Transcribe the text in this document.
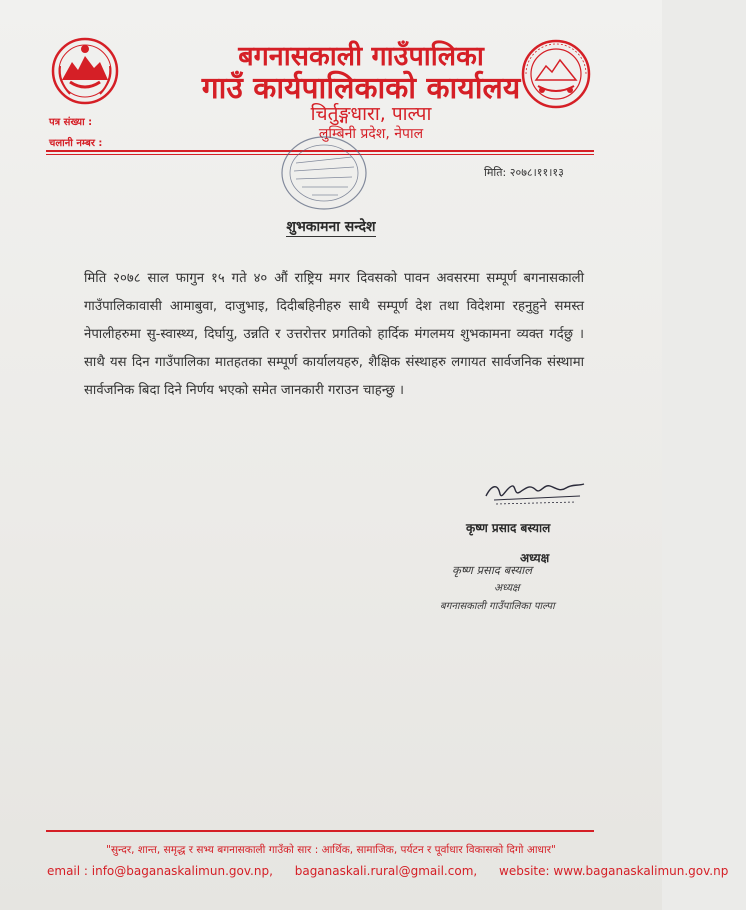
बगनासकाली गाउँपालिका
गाउँ कार्यपालिकाको कार्यालय
चिर्तुङ्गधारा, पाल्पा
लुम्बिनी प्रदेश, नेपाल
पत्र संख्या :
चलानी नम्बर :
मिति: २०७८।११।१३
शुभकामना सन्देश
मिति २०७८ साल फागुन १५ गते ४० औं राष्ट्रिय मगर दिवसको पावन अवसरमा सम्पूर्ण बगनासकाली गाउँपालिकावासी आमाबुवा, दाजुभाइ, दिदीबहिनीहरु साथै सम्पूर्ण देश तथा विदेशमा रहनुहुने समस्त नेपालीहरुमा सु-स्वास्थ्य, दिर्घायु, उन्नति र उत्तरोत्तर प्रगतिको हार्दिक मंगलमय शुभकामना व्यक्त गर्दछु । साथै यस दिन गाउँपालिका मातहतका सम्पूर्ण कार्यालयहरु, शैक्षिक संस्थाहरु लगायत सार्वजनिक संस्थामा सार्वजनिक बिदा दिने निर्णय भएको समेत जानकारी गराउन चाहन्छु ।
कृष्ण प्रसाद बस्याल
अध्यक्ष
कृष्ण प्रसाद बस्याल
अध्यक्ष
बगनासकाली गाउँपालिका पाल्पा
"सुन्दर, शान्त, समृद्ध र सभ्य बगनासकाली गाउँको सार : आर्थिक, सामाजिक, पर्यटन र पूर्वाधार विकासको दिगो आधार"
email : info@baganaskalimun.gov.np, baganaskali.rural@gmail.com, website: www.baganaskalimun.gov.np
